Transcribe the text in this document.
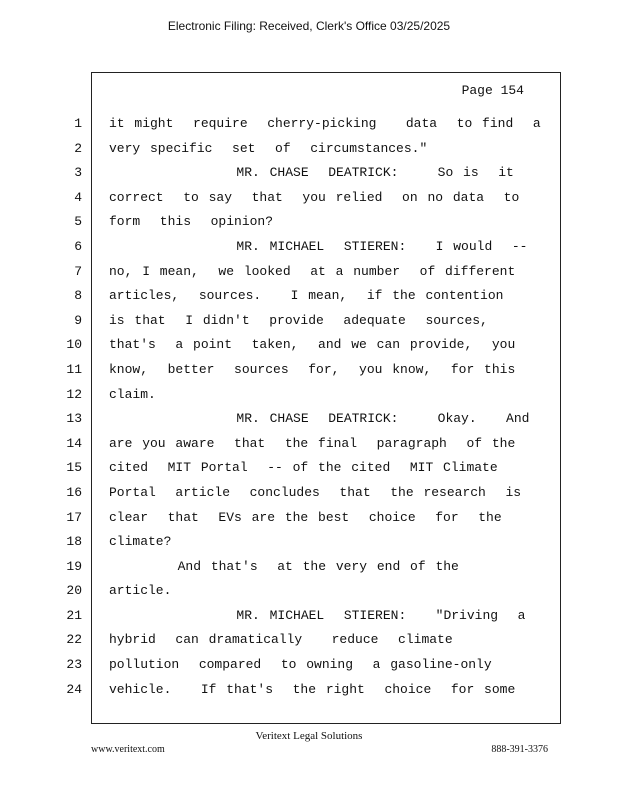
Electronic Filing: Received, Clerk's Office 03/25/2025
Page 154
1
2
3
4
5
6
7
8
9
10
11
12
13
14
15
16
17
18
19
20
21
22
23
24
it might  require  cherry-picking   data  to find  a
very specific  set  of  circumstances."
MR. CHASE  DEATRICK:    So is  it
correct  to say  that  you relied  on no data  to
form  this  opinion?
MR. MICHAEL  STIEREN:   I would  --
no, I mean,  we looked  at a number  of different
articles,  sources.   I mean,  if the contention
is that  I didn't  provide  adequate  sources,
that's  a point  taken,  and we can provide,  you
know,  better  sources  for,  you know,  for this
claim.
MR. CHASE  DEATRICK:    Okay.   And
are you aware  that  the final  paragraph  of the
cited  MIT Portal  -- of the cited  MIT Climate
Portal  article  concludes  that  the research  is
clear  that  EVs are the best  choice  for  the
climate?
And that's  at the very end of the
article.
MR. MICHAEL  STIEREN:   "Driving  a
hybrid  can dramatically   reduce  climate
pollution  compared  to owning  a gasoline-only
vehicle.   If that's  the right  choice  for some
Veritext Legal Solutions
www.veritext.com	888-391-3376
